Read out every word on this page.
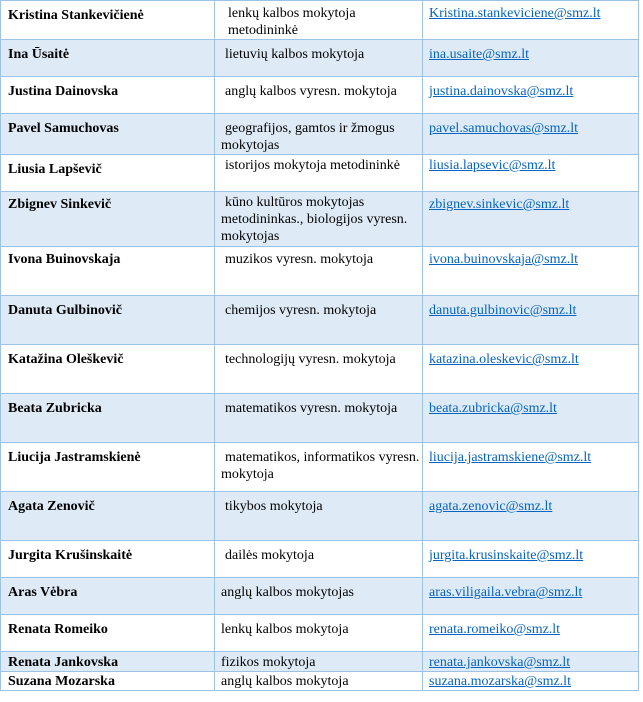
Kristina Stankevičienė	lenkų kalbos mokytoja metodininkė	Kristina.stankeviciene@smz.lt
Ina Ūsaitė	lietuvių kalbos mokytoja	ina.usaite@smz.lt
Justina Dainovska	anglų kalbos vyresn. mokytoja	justina.dainovska@smz.lt
Pavel Samuchovas	geografijos, gamtos ir žmogus mokytojas	pavel.samuchovas@smz.lt
Liusia Lapševič	istorijos mokytoja metodininkė	liusia.lapsevic@smz.lt
Zbignev Sinkevič	kūno kultūros mokytojas metodininkas., biologijos vyresn. mokytojas	zbignev.sinkevic@smz.lt
Ivona Buinovskaja	muzikos vyresn. mokytoja	ivona.buinovskaja@smz.lt
Danuta Gulbinovič	chemijos vyresn. mokytoja	danuta.gulbinovic@smz.lt
Katažina Oleškevič	technologijų vyresn. mokytoja	katazina.oleskevic@smz.lt
Beata Zubricka	matematikos vyresn. mokytoja	beata.zubricka@smz.lt
Liucija Jastramskienė	matematikos, informatikos vyresn. mokytoja	liucija.jastramskiene@smz.lt
Agata Zenovič	tikybos mokytoja	agata.zenovic@smz.lt
Jurgita Krušinskaitė	dailės mokytoja	jurgita.krusinskaite@smz.lt
Aras Vėbra	anglų kalbos mokytojas	aras.viligaila.vebra@smz.lt
Renata Romeiko	lenkų kalbos mokytoja	renata.romeiko@smz.lt
Renata Jankovska	fizikos mokytoja	renata.jankovska@smz.lt
Suzana Mozarska	anglų kalbos mokytoja	suzana.mozarska@smz.lt
